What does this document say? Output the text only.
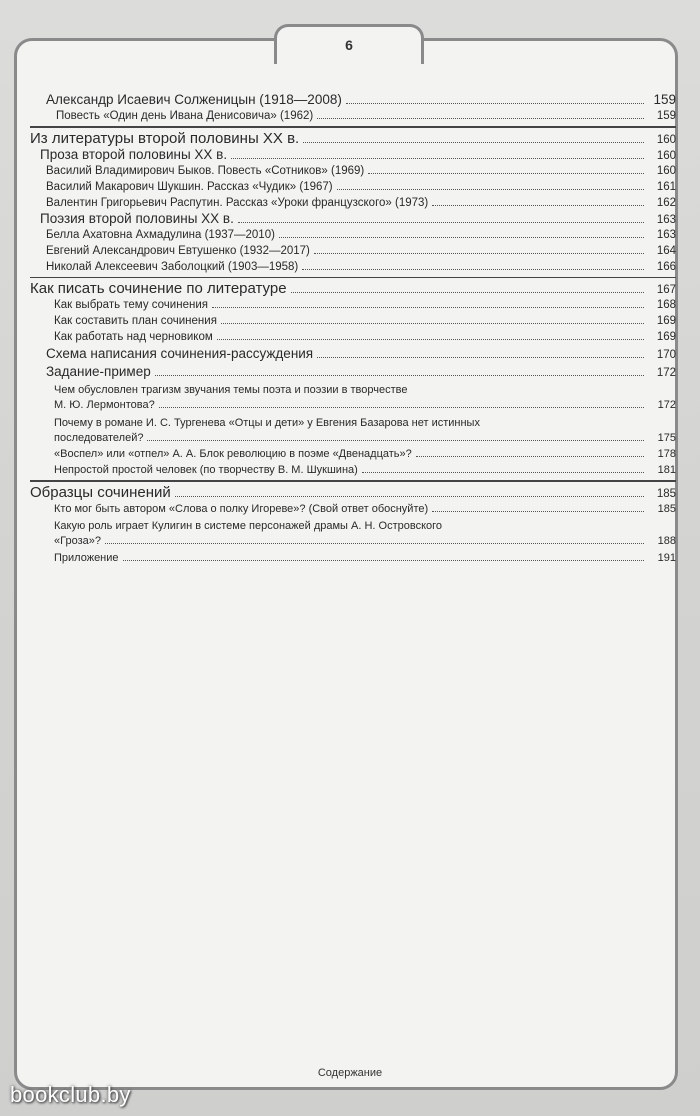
6
Александр Исаевич Солженицын (1918—2008)	159
Повесть «Один день Ивана Денисовича» (1962)	159
Из литературы второй половины XX в.	160
Проза второй половины XX в.	160
Василий Владимирович Быков. Повесть «Сотников» (1969)	160
Василий Макарович Шукшин. Рассказ «Чудик» (1967)	161
Валентин Григорьевич Распутин. Рассказ «Уроки французского» (1973)	162
Поэзия второй половины XX в.	163
Белла Ахатовна Ахмадулина (1937—2010)	163
Евгений Александрович Евтушенко (1932—2017)	164
Николай Алексеевич Заболоцкий (1903—1958)	166
Как писать сочинение по литературе	167
Как выбрать тему сочинения	168
Как составить план сочинения	169
Как работать над черновиком	169
Схема написания сочинения-рассуждения	170
Задание-пример	172
Чем обусловлен трагизм звучания темы поэта и поэзии в творчестве
М. Ю. Лермонтова?	172
Почему в романе И. С. Тургенева «Отцы и дети» у Евгения Базарова нет истинных
последователей?	175
«Воспел» или «отпел» А. А. Блок революцию в поэме «Двенадцать»?	178
Непростой простой человек (по творчеству В. М. Шукшина)	181
Образцы сочинений	185
Кто мог быть автором «Слова о полку Игореве»? (Свой ответ обоснуйте)	185
Какую роль играет Кулигин в системе персонажей драмы А. Н. Островского
«Гроза»?	188
Приложение	191
Содержание
bookclub.by
